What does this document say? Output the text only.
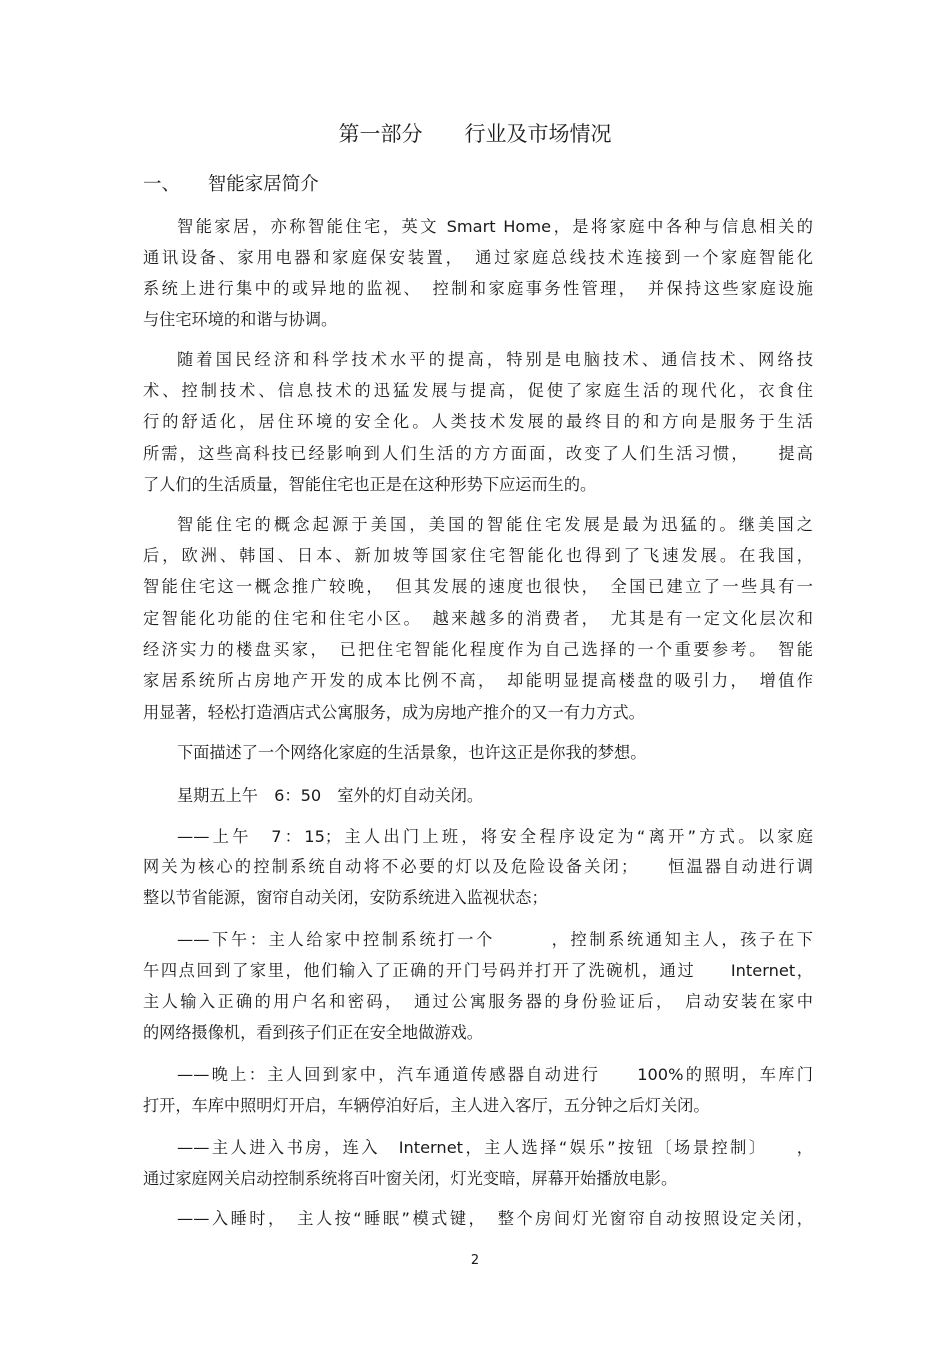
第一部分　　行业及市场情况
一、　　智能家居简介
智能家居，亦称智能住宅，英文 Smart Home，是将家庭中各种与信息相关的
通讯设备、家用电器和家庭保安装置，　通过家庭总线技术连接到一个家庭智能化
系统上进行集中的或异地的监视、　控制和家庭事务性管理，　并保持这些家庭设施
与住宅环境的和谐与协调。
随着国民经济和科学技术水平的提高，特别是电脑技术、通信技术、网络技
术、控制技术、信息技术的迅猛发展与提高，促使了家庭生活的现代化，衣食住
行的舒适化，居住环境的安全化。人类技术发展的最终目的和方向是服务于生活
所需，这些高科技已经影响到人们生活的方方面面，改变了人们生活习惯，　　提高
了人们的生活质量，智能住宅也正是在这种形势下应运而生的。
智能住宅的概念起源于美国，美国的智能住宅发展是最为迅猛的。继美国之
后，欧洲、韩国、日本、新加坡等国家住宅智能化也得到了飞速发展。在我国，
智能住宅这一概念推广较晚，　但其发展的速度也很快，　全国已建立了一些具有一
定智能化功能的住宅和住宅小区。　越来越多的消费者，　尤其是有一定文化层次和
经济实力的楼盘买家，　已把住宅智能化程度作为自己选择的一个重要参考。　智能
家居系统所占房地产开发的成本比例不高，　却能明显提高楼盘的吸引力，　增值作
用显著，轻松打造酒店式公寓服务，成为房地产推介的又一有力方式。
下面描述了一个网络化家庭的生活景象，也许这正是你我的梦想。
星期五上午　6：50　室外的灯自动关闭。
——上午　7：15；主人出门上班，将安全程序设定为“离开”方式。以家庭
网关为核心的控制系统自动将不必要的灯以及危险设备关闭；　　恒温器自动进行调
整以节省能源，窗帘自动关闭，安防系统进入监视状态；
——下午：主人给家中控制系统打一个　　　，控制系统通知主人，孩子在下
午四点回到了家里，他们输入了正确的开门号码并打开了洗碗机，通过　　Internet，
主人输入正确的用户名和密码，　通过公寓服务器的身份验证后，　启动安装在家中
的网络摄像机，看到孩子们正在安全地做游戏。
——晚上：主人回到家中，汽车通道传感器自动进行　　100%的照明，车库门
打开，车库中照明灯开启，车辆停泊好后，主人进入客厅，五分钟之后灯关闭。
——主人进入书房，连入　Internet，主人选择“娱乐”按钮〔场景控制〕　　，
通过家庭网关启动控制系统将百叶窗关闭，灯光变暗，屏幕开始播放电影。
——入睡时，　主人按“睡眠”模式键，　整个房间灯光窗帘自动按照设定关闭，
2
